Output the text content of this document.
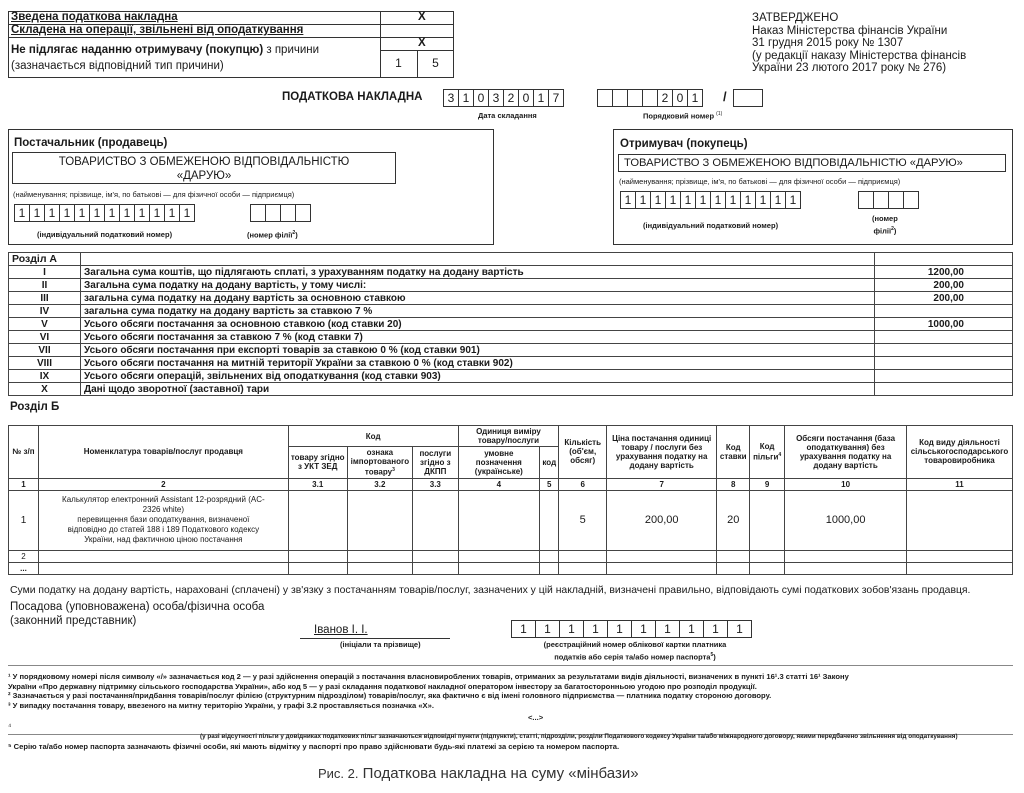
Зведена податкова накладна	X
Складена на операції, звільнені від оподаткування
Не підлягає наданню отримувачу (покупцю) з причини
(зазначається відповідний тип причини)
X
1	5
ЗАТВЕРДЖЕНО
Наказ Міністерства фінансів України
31 грудня 2015 року № 1307
(у редакції наказу Міністерства фінансів
України 23 лютого 2017 року № 276)
ПОДАТКОВА НАКЛАДНА	3 1 0 3 2 0 1 7
Дата складання
2 0 1	/
Порядковий номер $^{(1)}$
Постачальник (продавець)
ТОВАРИСТВО З ОБМЕЖЕНОЮ ВІДПОВІДАЛЬНІСТЮ
«ДАРУЮ»
(найменування; прізвище, ім'я, по батькові — для фізичної особи — підприємця)
1 1 1 1 1 1 1 1 1 1 1 1
(індивідуальний податковий номер)	(номер філії$^2$)
Отримувач (покупець)
ТОВАРИСТВО З ОБМЕЖЕНОЮ ВІДПОВІДАЛЬНІСТЮ «ДАРУЮ»
(найменування; прізвище, ім'я, по батькові — для фізичної особи — підприємця)
1 1 1 1 1 1 1 1 1 1 1 1
(індивідуальний податковий номер)
(номер
філії$^2$)
Розділ А		
I	Загальна сума коштів, що підлягають сплаті, з урахуванням податку на додану вартість	1200,00
II	Загальна сума податку на додану вартість, у тому числі:	200,00
III	загальна сума податку на додану вартість за основною ставкою	200,00
IV	загальна сума податку на додану вартість за ставкою 7 %	
V	Усього обсяги постачання за основною ставкою (код ставки 20)	1000,00
VI	Усього обсяги постачання за ставкою 7 % (код ставки 7)	
VII	Усього обсяги постачання при експорті товарів за ставкою 0 % (код ставки 901)	
VIII	Усього обсяги постачання на митній території України за ставкою 0 % (код ставки 902)	
IX	Усього обсяги операцій, звільнених від оподаткування (код ставки 903)	
X	Дані щодо зворотної (заставної) тари	
Розділ Б
№ з/п	Номенклатура товарів/послуг продавця	Код			Одиниця виміру товару/послуги		Кількість (об'єм, обсяг)	Ціна постачання одиниці товару / послуги без урахування податку на додану вартість	Код ставки	Код пільги$^4$	Обсяги постачання (база оподаткування) без урахування податку на додану вартість	Код виду діяльності сільськогосподарського товаровиробника
		товару згідно з УКТ ЗЕД	ознака імпортованого товару$^3$	послуги згідно з ДКПП	умовне позначення (українське)	код						
1	2	3.1	3.2	3.3	4	5	6	7	8	9	10	11
1	Калькулятор електронний Assistant 12-розрядний (AC-
2326 white)
перевищення бази оподаткування, визначеної
відповідно до статей 188 і 189 Податкового кодексу
України, над фактичною ціною постачання						5	200,00	20		1000,00	
2												
...												
Суми податку на додану вартість, нараховані (сплачені) у зв'язку з постачанням товарів/послуг, зазначених у цій накладній, визначені правильно, відповідають сумі податкових зобов'язань продавця.
Посадова (уповноважена) особа/фізична особа
(законний представник)
Іванов І. І.
(ініціали та прізвище)
1	1	1	1	1	1	1	1	1	1
(реєстраційний номер облікової картки платника
податків або серія та/або номер паспорта$^5$)
¹ У порядковому номері після символу «/» зазначається код 2 — у разі здійснення операцій з постачання власновироблених товарів, отриманих за результатами видів діяльності, визначених в пункті 16¹.3 статті 16¹ Закону
України «Про державну підтримку сільського господарства України», або код 5 — у разі складання податкової накладної оператором інвестору за багатосторонньою угодою про розподіл продукції.
² Зазначається у разі постачання/придбання товарів/послуг філією (структурним підрозділом) товарів/послуг, яка фактично є від імені головного підприємства — платника податку стороною договору.
³ У випадку постачання товару, ввезеного на митну територію України, у графі 3.2 проставляється позначка «Х».
<...>
⁴
(у разі відсутності пільги у довідниках податкових пільг зазначаються відповідні пункти (підпункти), статті, підрозділи, розділи Податкового кодексу України та/або міжнародного договору, якими передбачено звільнення від оподаткування)
⁵ Серію та/або номер паспорта зазначають фізичні особи, які мають відмітку у паспорті про право здійснювати будь-які платежі за серією та номером паспорта.
Рис. 2. Податкова накладна на суму «мінбази»
